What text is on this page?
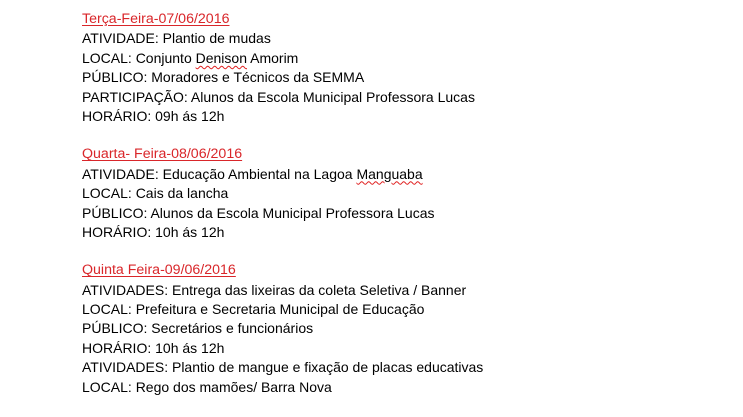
Terça-Feira-07/06/2016
ATIVIDADE: Plantio de mudas
LOCAL: Conjunto Denison Amorim
PÚBLICO: Moradores e Técnicos da SEMMA
PARTICIPAÇÃO: Alunos da Escola Municipal Professora Lucas
HORÁRIO: 09h ás 12h
Quarta- Feira-08/06/2016
ATIVIDADE: Educação Ambiental na Lagoa Manguaba
LOCAL: Cais da lancha
PÚBLICO: Alunos da Escola Municipal Professora Lucas
HORÁRIO: 10h ás 12h
Quinta Feira-09/06/2016
ATIVIDADES: Entrega das lixeiras da coleta Seletiva / Banner
LOCAL: Prefeitura e Secretaria Municipal de Educação
PÚBLICO: Secretários e funcionários
HORÁRIO: 10h ás 12h
ATIVIDADES: Plantio de mangue e fixação de placas educativas
LOCAL: Rego dos mamões/ Barra Nova
